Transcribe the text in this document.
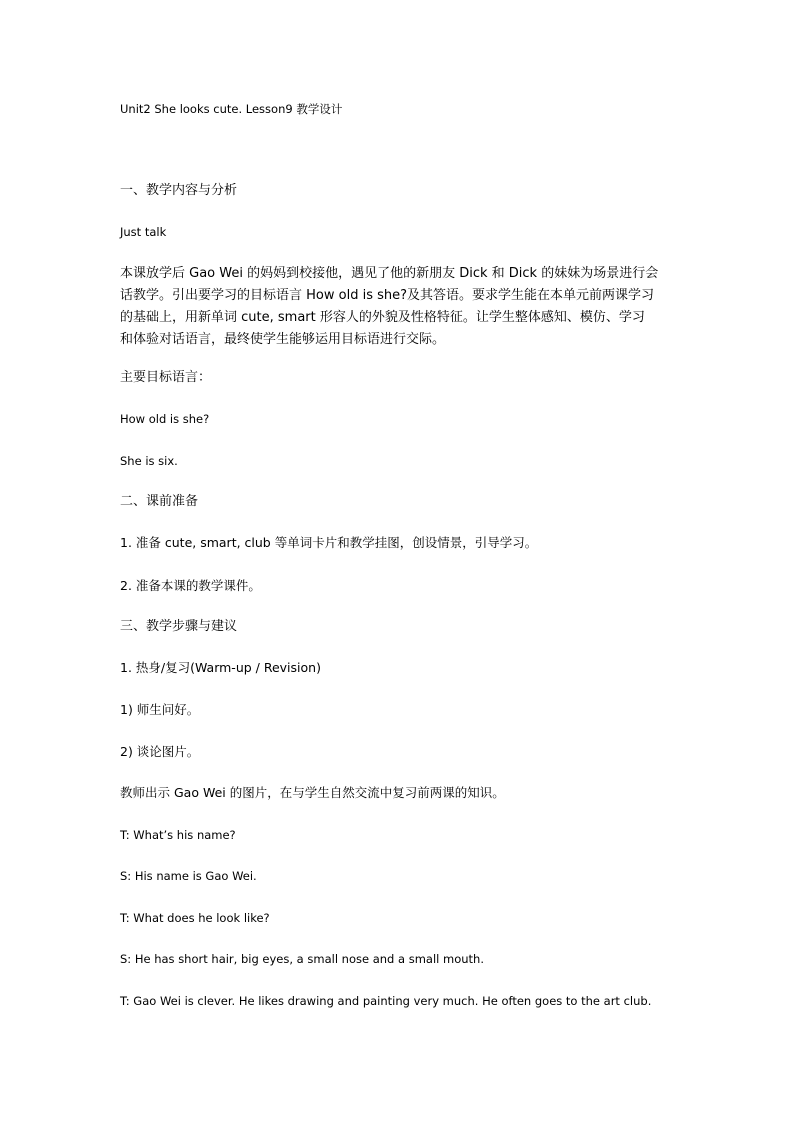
Unit2 She looks cute. Lesson9 教学设计

一、教学内容与分析

Just talk

本课放学后 Gao Wei 的妈妈到校接他，遇见了他的新朋友 Dick 和 Dick 的妹妹为场景进行会
话教学。引出要学习的目标语言 How old is she?及其答语。要求学生能在本单元前两课学习
的基础上，用新单词 cute, smart 形容人的外貌及性格特征。让学生整体感知、模仿、学习
和体验对话语言，最终使学生能够运用目标语进行交际。

主要目标语言：

How old is she?

She is six.

二、课前准备

1. 准备 cute, smart, club 等单词卡片和教学挂图，创设情景，引导学习。

2. 准备本课的教学课件。

三、教学步骤与建议

1. 热身/复习(Warm-up / Revision)

1) 师生问好。

2) 谈论图片。

教师出示 Gao Wei 的图片，在与学生自然交流中复习前两课的知识。

T: What’s his name?

S: His name is Gao Wei.

T: What does he look like?

S: He has short hair, big eyes, a small nose and a small mouth.

T: Gao Wei is clever. He likes drawing and painting very much. He often goes to the art club.
